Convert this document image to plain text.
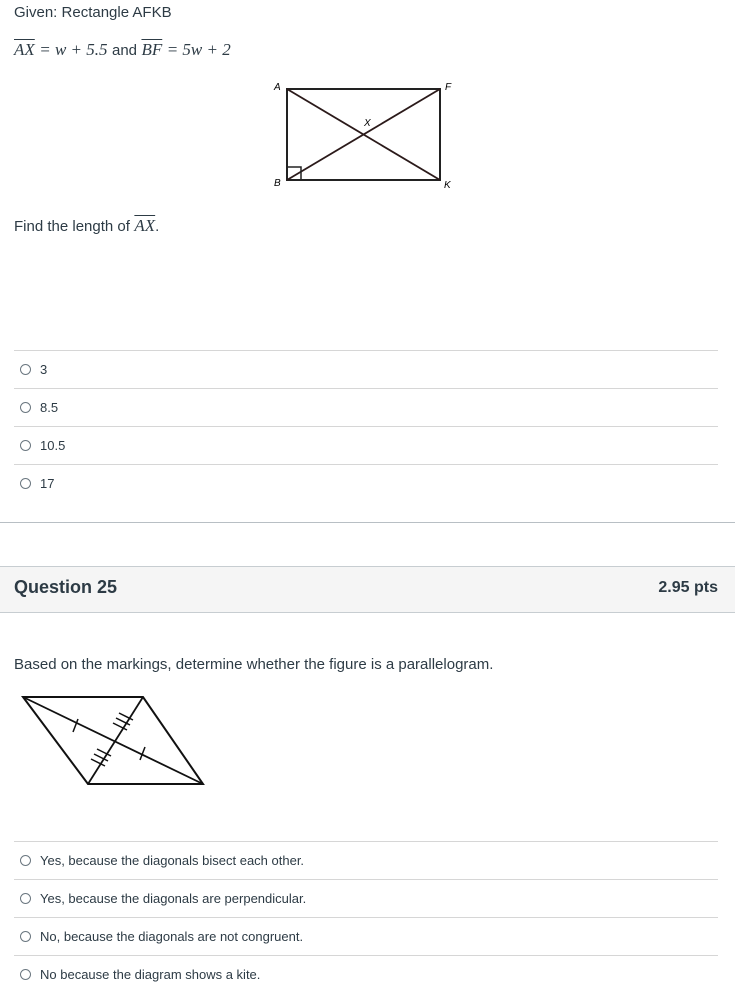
Given: Rectangle AFKB
$\overline{AX} = w + 5.5$ and $\overline{BF} = 5w + 2$
A	F
X
B	K
Find the length of $\overline{AX}$.
3
8.5
10.5
17
Question 25	2.95 pts
Based on the markings, determine whether the figure is a parallelogram.
Yes, because the diagonals bisect each other.
Yes, because the diagonals are perpendicular.
No, because the diagonals are not congruent.
No because the diagram shows a kite.
